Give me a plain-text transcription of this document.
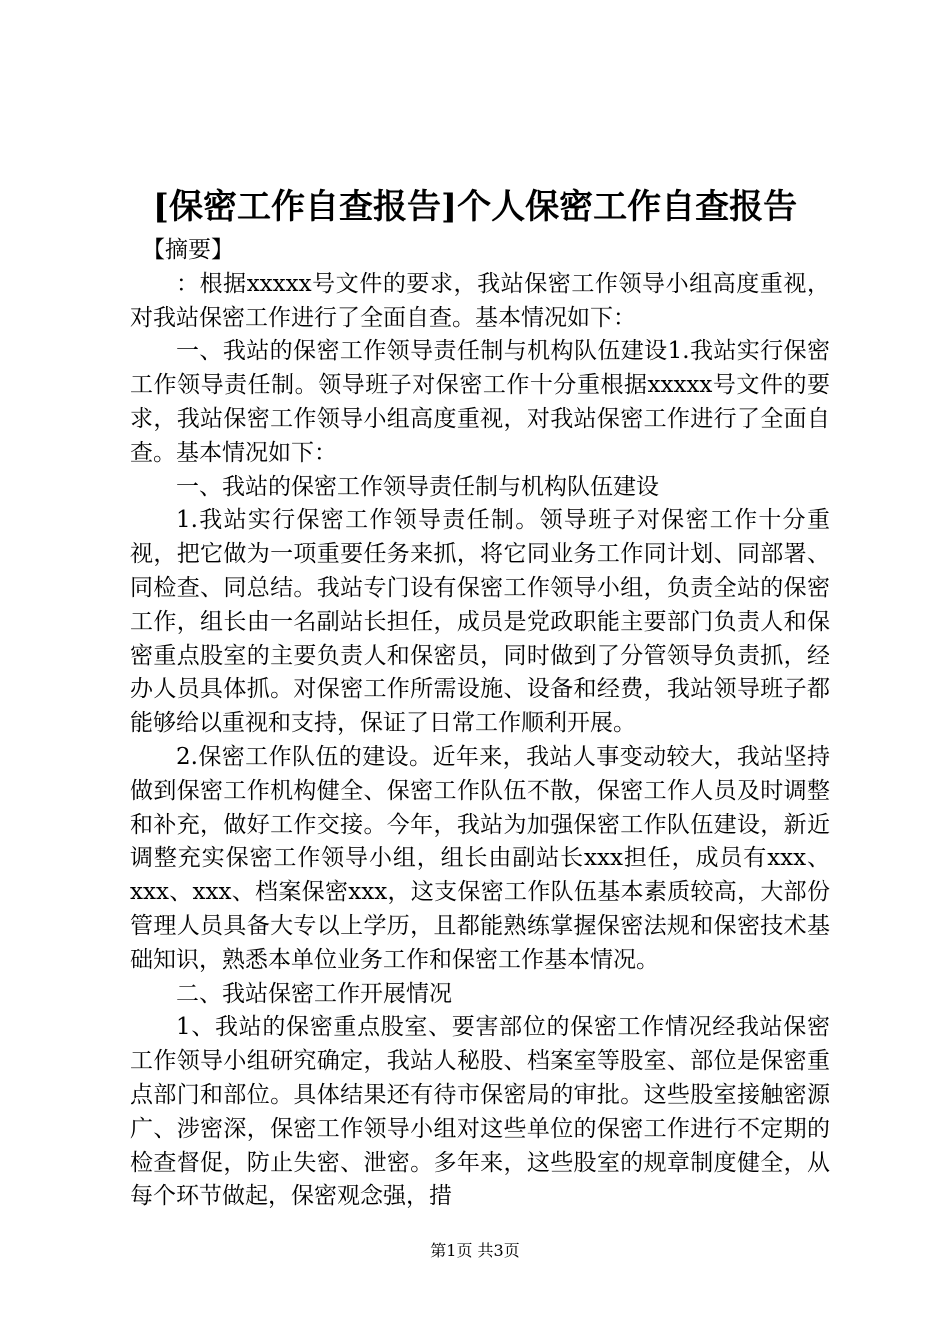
[保密工作自查报告]个人保密工作自查报告

【摘要】

：根据xxxxx号文件的要求，我站保密工作领导小组高度重视，对我站保密工作进行了全面自查。基本情况如下：

一、我站的保密工作领导责任制与机构队伍建设1.我站实行保密工作领导责任制。领导班子对保密工作十分重根据xxxxx号文件的要求，我站保密工作领导小组高度重视，对我站保密工作进行了全面自查。基本情况如下：

一、我站的保密工作领导责任制与机构队伍建设

1.我站实行保密工作领导责任制。领导班子对保密工作十分重视，把它做为一项重要任务来抓，将它同业务工作同计划、同部署、同检查、同总结。我站专门设有保密工作领导小组，负责全站的保密工作，组长由一名副站长担任，成员是党政职能主要部门负责人和保密重点股室的主要负责人和保密员，同时做到了分管领导负责抓，经办人员具体抓。对保密工作所需设施、设备和经费，我站领导班子都能够给以重视和支持，保证了日常工作顺利开展。

2.保密工作队伍的建设。近年来，我站人事变动较大，我站坚持做到保密工作机构健全、保密工作队伍不散，保密工作人员及时调整和补充，做好工作交接。今年，我站为加强保密工作队伍建设，新近调整充实保密工作领导小组，组长由副站长xxx担任，成员有xxx、xxx、xxx、档案保密xxx，这支保密工作队伍基本素质较高，大部份管理人员具备大专以上学历，且都能熟练掌握保密法规和保密技术基础知识，熟悉本单位业务工作和保密工作基本情况。

二、我站保密工作开展情况

1、我站的保密重点股室、要害部位的保密工作情况经我站保密工作领导小组研究确定，我站人秘股、档案室等股室、部位是保密重点部门和部位。具体结果还有待市保密局的审批。这些股室接触密源广、涉密深，保密工作领导小组对这些单位的保密工作进行不定期的检查督促，防止失密、泄密。多年来，这些股室的规章制度健全，从每个环节做起，保密观念强，措

第1页 共3页
